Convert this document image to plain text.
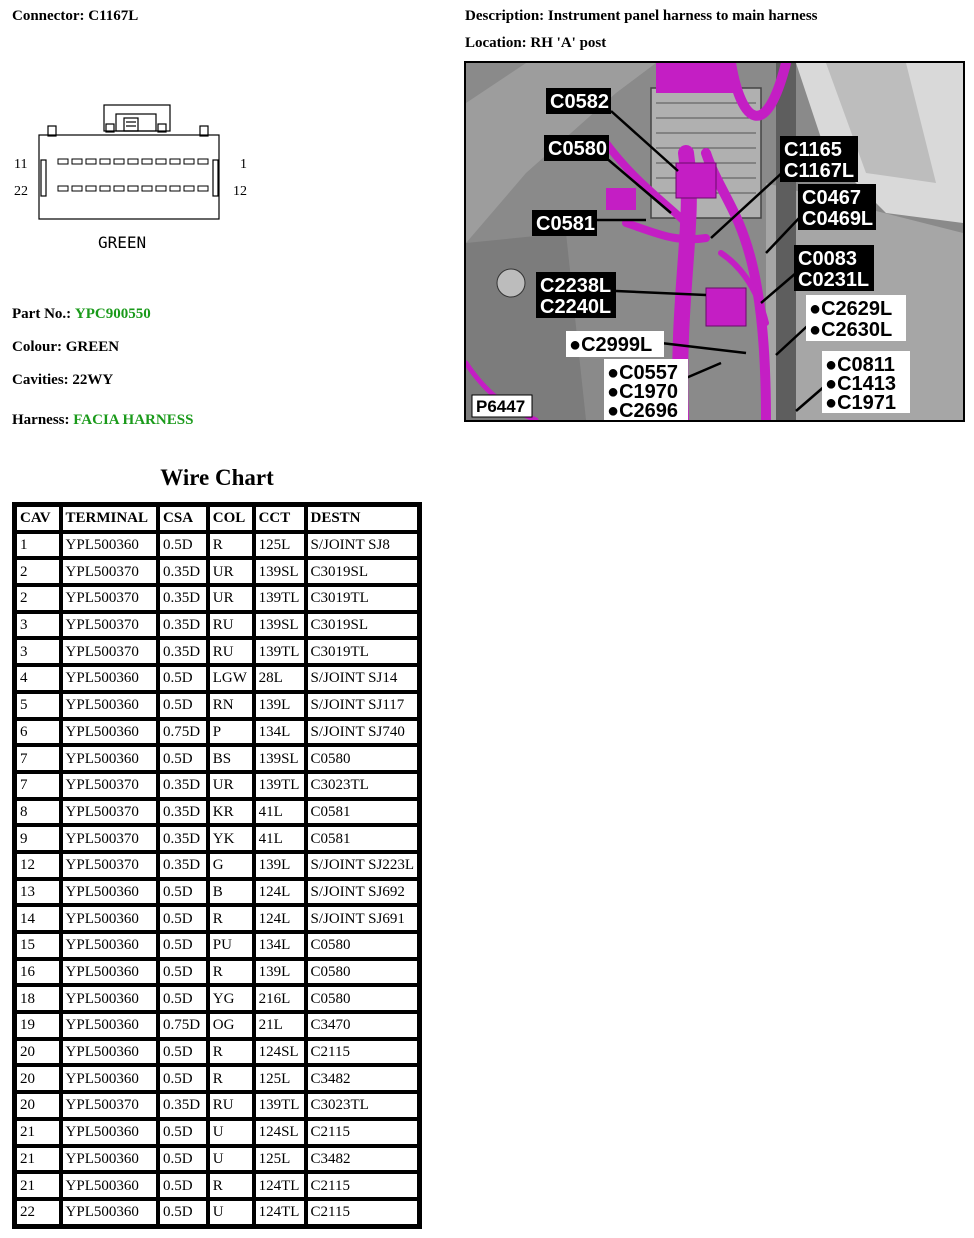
Connector: C1167L	Description: Instrument panel harness to main harness
Location: RH 'A' post
11	1
22	12
GREEN
Part No.: YPC900550
Colour: GREEN
Cavities: 22WY
Harness: FACIA HARNESS
C0582
C0580
C0581
C1165
C1167L
C0467
C0469L
C0083
C0231L
C2238L
C2240L	●C2629L
●C2630L
●C2999L
●C0557
●C1970
●C2696
●C0811
●C1413
●C1971
P6447
Wire Chart
CAV	TERMINAL	CSA	COL	CCT	DESTN
1	YPL500360	0.5D	R	125L	S/JOINT SJ8
2	YPL500370	0.35D	UR	139SL	C3019SL
2	YPL500370	0.35D	UR	139TL	C3019TL
3	YPL500370	0.35D	RU	139SL	C3019SL
3	YPL500370	0.35D	RU	139TL	C3019TL
4	YPL500360	0.5D	LGW	28L	S/JOINT SJ14
5	YPL500360	0.5D	RN	139L	S/JOINT SJ117
6	YPL500360	0.75D	P	134L	S/JOINT SJ740
7	YPL500360	0.5D	BS	139SL	C0580
7	YPL500370	0.35D	UR	139TL	C3023TL
8	YPL500370	0.35D	KR	41L	C0581
9	YPL500370	0.35D	YK	41L	C0581
12	YPL500370	0.35D	G	139L	S/JOINT SJ223L
13	YPL500360	0.5D	B	124L	S/JOINT SJ692
14	YPL500360	0.5D	R	124L	S/JOINT SJ691
15	YPL500360	0.5D	PU	134L	C0580
16	YPL500360	0.5D	R	139L	C0580
18	YPL500360	0.5D	YG	216L	C0580
19	YPL500360	0.75D	OG	21L	C3470
20	YPL500360	0.5D	R	124SL	C2115
20	YPL500360	0.5D	R	125L	C3482
20	YPL500370	0.35D	RU	139TL	C3023TL
21	YPL500360	0.5D	U	124SL	C2115
21	YPL500360	0.5D	U	125L	C3482
21	YPL500360	0.5D	R	124TL	C2115
22	YPL500360	0.5D	U	124TL	C2115
